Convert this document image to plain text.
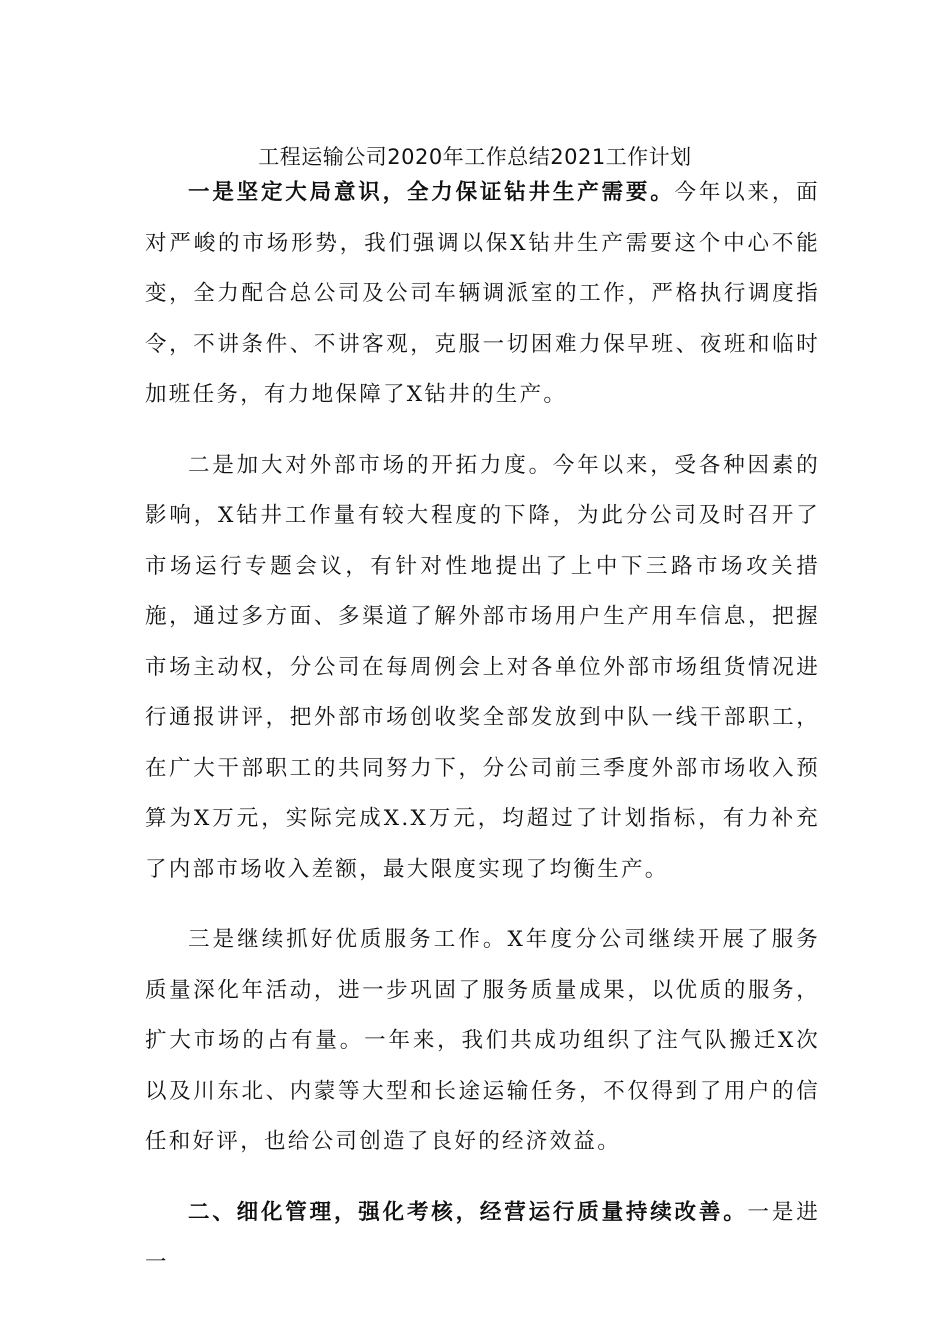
工程运输公司2020年工作总结2021工作计划

一是坚定大局意识，全力保证钻井生产需要。今年以来，面对严峻的市场形势，我们强调以保X钻井生产需要这个中心不能变，全力配合总公司及公司车辆调派室的工作，严格执行调度指令，不讲条件、不讲客观，克服一切困难力保早班、夜班和临时加班任务，有力地保障了X钻井的生产。

二是加大对外部市场的开拓力度。今年以来，受各种因素的影响，X钻井工作量有较大程度的下降，为此分公司及时召开了市场运行专题会议，有针对性地提出了上中下三路市场攻关措施，通过多方面、多渠道了解外部市场用户生产用车信息，把握市场主动权，分公司在每周例会上对各单位外部市场组货情况进行通报讲评，把外部市场创收奖全部发放到中队一线干部职工，在广大干部职工的共同努力下，分公司前三季度外部市场收入预算为X万元，实际完成X.X万元，均超过了计划指标，有力补充了内部市场收入差额，最大限度实现了均衡生产。

三是继续抓好优质服务工作。X年度分公司继续开展了服务质量深化年活动，进一步巩固了服务质量成果，以优质的服务，扩大市场的占有量。一年来，我们共成功组织了注气队搬迁X次以及川东北、内蒙等大型和长途运输任务，不仅得到了用户的信任和好评，也给公司创造了良好的经济效益。

二、细化管理，强化考核，经营运行质量持续改善。一是进一
